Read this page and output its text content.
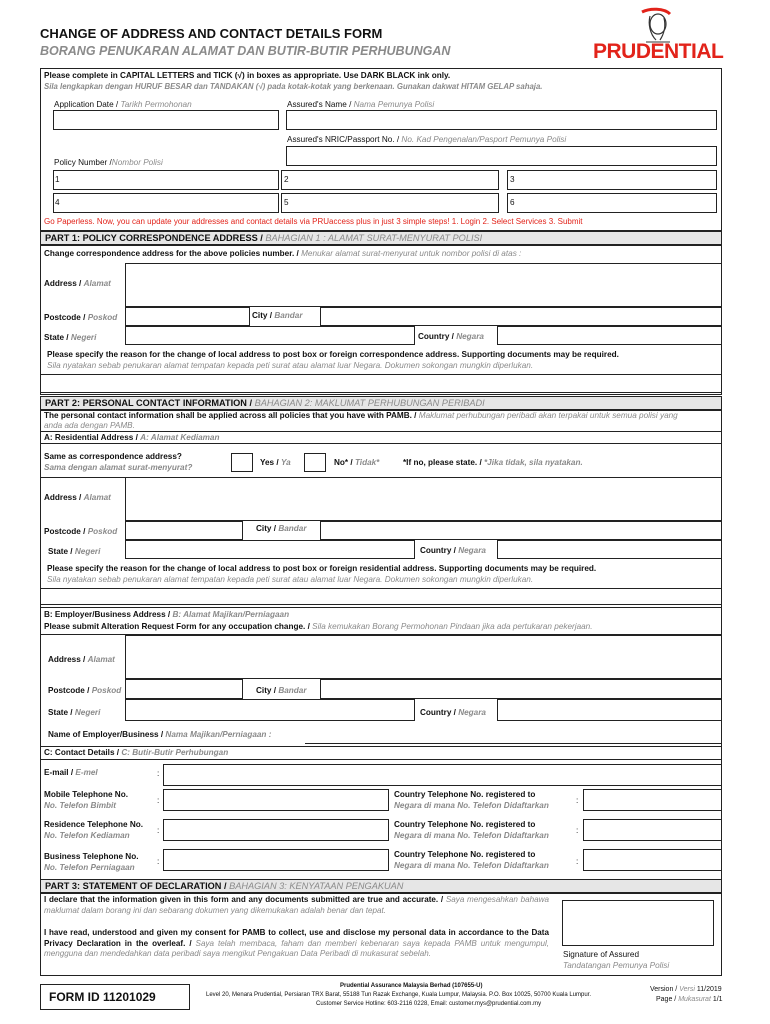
CHANGE OF ADDRESS AND CONTACT DETAILS FORM
BORANG PENUKARAN ALAMAT DAN BUTIR-BUTIR PERHUBUNGAN	PRUDENTIAL
Please complete in CAPITAL LETTERS and TICK (√) in boxes as appropriate. Use DARK BLACK ink only.
Sila lengkapkan dengan HURUF BESAR dan TANDAKAN (√) pada kotak-kotak yang berkenaan. Gunakan dakwat HITAM GELAP sahaja.
Application Date / Tarikh Permohonan	Assured's Name / Nama Pemunya Polisi
Assured's NRIC/Passport No. / No. Kad Pengenalan/Pasport Pemunya Polisi
Policy Number /Nombor Polisi
1	2	3
4	5	6
Go Paperless. Now, you can update your addresses and contact details via PRUaccess plus in just 3 simple steps! 1. Login 2. Select Services 3. Submit
PART 1: POLICY CORRESPONDENCE ADDRESS / BAHAGIAN 1 : ALAMAT SURAT-MENYURAT POLISI
Change correspondence address for the above policies number. / Menukar alamat surat-menyurat untuk nombor polisi di atas :
Address / Alamat
Postcode / Poskod	City / Bandar
State / Negeri	Country / Negara
Please specify the reason for the change of local address to post box or foreign correspondence address. Supporting documents may be required.
Sila nyatakan sebab penukaran alamat tempatan kepada peti surat atau alamat luar Negara. Dokumen sokongan mungkin diperlukan.
PART 2: PERSONAL CONTACT INFORMATION / BAHAGIAN 2: MAKLUMAT PERHUBUNGAN PERIBADI
The personal contact information shall be applied across all policies that you have with PAMB. / Maklumat perhubungan peribadi akan terpakai untuk semua polisi yang anda ada dengan PAMB.
A: Residential Address / A: Alamat Kediaman
Same as correspondence address?
Sama dengan alamat surat-menyurat?
Yes / Ya	No* / Tidak*	*If no, please state. / *Jika tidak, sila nyatakan.
Address / Alamat
Postcode / Poskod	City / Bandar
State / Negeri	Country / Negara
Please specify the reason for the change of local address to post box or foreign residential address. Supporting documents may be required.
Sila nyatakan sebab penukaran alamat tempatan kepada peti surat atau alamat luar Negara. Dokumen sokongan mungkin diperlukan.
B: Employer/Business Address / B: Alamat Majikan/Perniagaan
Please submit Alteration Request Form for any occupation change. / Sila kemukakan Borang Permohonan Pindaan jika ada pertukaran pekerjaan.
Address / Alamat
Postcode / Poskod	City / Bandar
State / Negeri	Country / Negara
Name of Employer/Business / Nama Majikan/Perniagaan :
C: Contact Details / C: Butir-Butir Perhubungan
E-mail / E-mel	:
Mobile Telephone No.
No. Telefon Bimbit
:
Country Telephone No. registered to
Negara di mana No. Telefon Didaftarkan
:
Residence Telephone No.
No. Telefon Kediaman
:
Country Telephone No. registered to
Negara di mana No. Telefon Didaftarkan
:
Business Telephone No.
No. Telefon Perniagaan
:
Country Telephone No. registered to
Negara di mana No. Telefon Didaftarkan	:
PART 3: STATEMENT OF DECLARATION / BAHAGIAN 3: KENYATAAN PENGAKUAN
I declare that the information given in this form and any documents submitted are true and accurate. / Saya mengesahkan bahawa maklumat dalam borang ini dan sebarang dokumen yang dikemukakan adalah benar dan tepat.
I have read, understood and given my consent for PAMB to collect, use and disclose my personal data in accordance to the Data Privacy Declaration in the overleaf. / Saya telah membaca, faham dan memberi kebenaran saya kepada PAMB untuk mengumpul, mengguna dan mendedahkan data peribadi saya mengikut Pengakuan Data Peribadi di mukasurat sebelah.	Signature of Assured
Tandatangan Pemunya Polisi
FORM ID 11201029
Prudential Assurance Malaysia Berhad (107655-U)
Level 20, Menara Prudential, Persiaran TRX Barat, 55188 Tun Razak Exchange, Kuala Lumpur, Malaysia. P.O. Box 10025, 50700 Kuala Lumpur.
Customer Service Hotline: 603-2116 0228, Email: customer.mys@prudential.com.my
Version / Versi 11/2019
Page / Mukasurat 1/1
